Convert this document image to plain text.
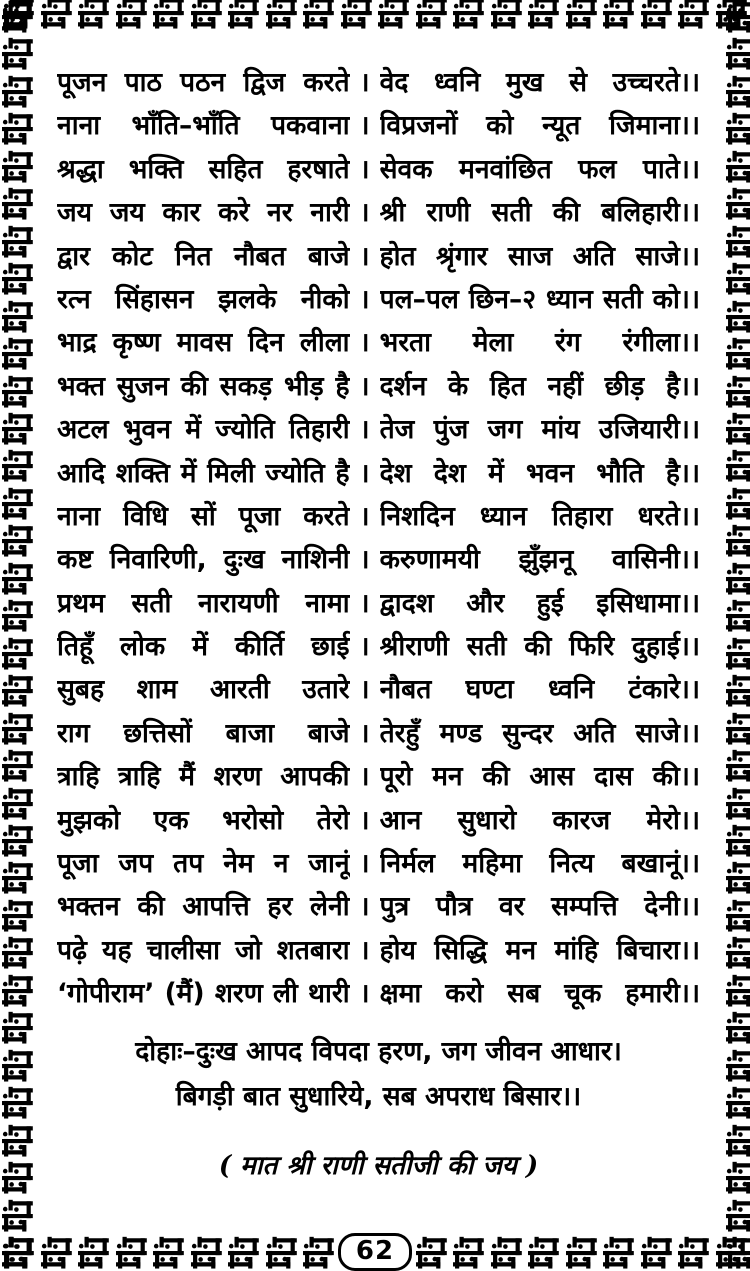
62
पूजन पाठ पठन द्विज करते । वेद ध्वनि मुख से उच्चरते।।
नाना भाँति–भाँति पकवाना । विप्रजनों को न्यूत जिमाना।।
श्रद्धा भक्ति सहित हरषाते । सेवक मनवांछित फल पाते।।
जय जय कार करे नर नारी । श्री राणी सती की बलिहारी।।
द्वार कोट नित नौबत बाजे । होत श्रृंगार साज अति साजे।।
रत्न सिंहासन झलके नीको । पल–पल छिन–२ ध्यान सती को।।
भाद्र कृष्ण मावस दिन लीला । भरता मेला रंग रंगीला।।
भक्त सुजन की सकड़ भीड़ है । दर्शन के हित नहीं छीड़ है।।
अटल भुवन में ज्योति तिहारी । तेज पुंज जग मांय उजियारी।।
आदि शक्ति में मिली ज्योति है । देश देश में भवन भौति है।।
नाना विधि सों पूजा करते । निशदिन ध्यान तिहारा धरते।।
कष्ट निवारिणी, दुःख नाशिनी । करुणामयी झुँझनू वासिनी।।
प्रथम सती नारायणी नामा । द्वादश और हुई इसिधामा।।
तिहूँ लोक में कीर्ति छाई । श्रीराणी सती की फिरि दुहाई।।
सुबह शाम आरती उतारे । नौबत घण्टा ध्वनि टंकारे।।
राग छत्तिसों बाजा बाजे । तेरहुँ मण्ड सुन्दर अति साजे।।
त्राहि त्राहि मैं शरण आपकी । पूरो मन की आस दास की।।
मुझको एक भरोसो तेरो । आन सुधारो कारज मेरो।।
पूजा जप तप नेम न जानूं । निर्मल महिमा नित्य बखानूं।।
भक्तन की आपत्ति हर लेनी । पुत्र पौत्र वर सम्पत्ति देनी।।
पढ़े यह चालीसा जो शतबारा । होय सिद्धि मन मांहि बिचारा।।
‘गोपीराम’ (मैं) शरण ली थारी । क्षमा करो सब चूक हमारी।।
दोहाः–दुःख आपद विपदा हरण, जग जीवन आधार।
बिगड़ी बात सुधारिये, सब अपराध बिसार।।
( मात श्री राणी सतीजी की जय )
